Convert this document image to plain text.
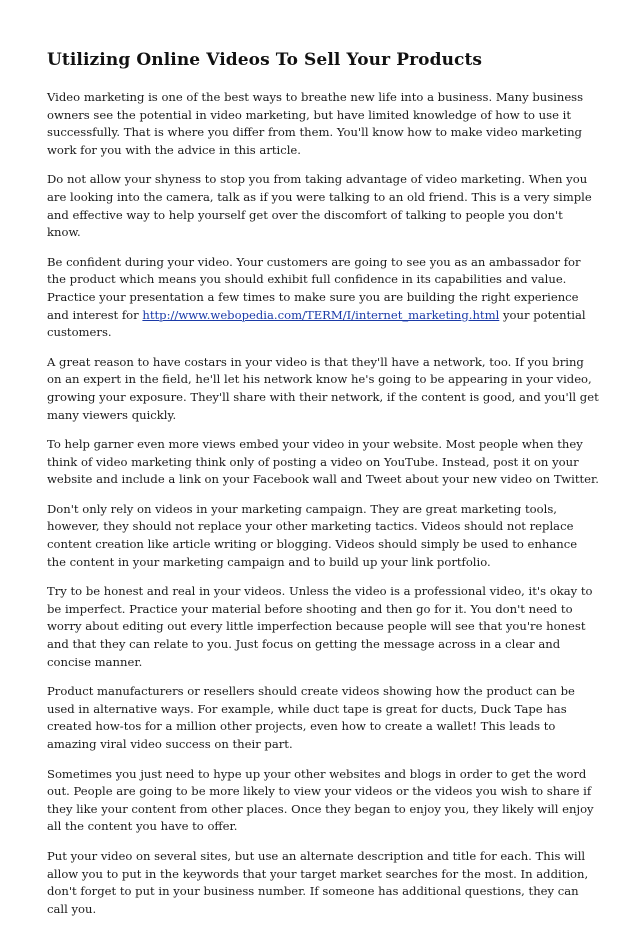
Utilizing Online Videos To Sell Your Products

Video marketing is one of the best ways to breathe new life into a business. Many business owners see the potential in video marketing, but have limited knowledge of how to use it successfully. That is where you differ from them. You'll know how to make video marketing work for you with the advice in this article.

Do not allow your shyness to stop you from taking advantage of video marketing. When you are looking into the camera, talk as if you were talking to an old friend. This is a very simple and effective way to help yourself get over the discomfort of talking to people you don't know.

Be confident during your video. Your customers are going to see you as an ambassador for the product which means you should exhibit full confidence in its capabilities and value. Practice your presentation a few times to make sure you are building the right experience and interest for http://www.webopedia.com/TERM/I/internet_marketing.html your potential customers.

A great reason to have costars in your video is that they'll have a network, too. If you bring on an expert in the field, he'll let his network know he's going to be appearing in your video, growing your exposure. They'll share with their network, if the content is good, and you'll get many viewers quickly.

To help garner even more views embed your video in your website. Most people when they think of video marketing think only of posting a video on YouTube. Instead, post it on your website and include a link on your Facebook wall and Tweet about your new video on Twitter.

Don't only rely on videos in your marketing campaign. They are great marketing tools, however, they should not replace your other marketing tactics. Videos should not replace content creation like article writing or blogging. Videos should simply be used to enhance the content in your marketing campaign and to build up your link portfolio.

Try to be honest and real in your videos. Unless the video is a professional video, it's okay to be imperfect. Practice your material before shooting and then go for it. You don't need to worry about editing out every little imperfection because people will see that you're honest and that they can relate to you. Just focus on getting the message across in a clear and concise manner.

Product manufacturers or resellers should create videos showing how the product can be used in alternative ways. For example, while duct tape is great for ducts, Duck Tape has created how-tos for a million other projects, even how to create a wallet! This leads to amazing viral video success on their part.

Sometimes you just need to hype up your other websites and blogs in order to get the word out. People are going to be more likely to view your videos or the videos you wish to share if they like your content from other places. Once they began to enjoy you, they likely will enjoy all the content you have to offer.

Put your video on several sites, but use an alternate description and title for each. This will allow you to put in the keywords that your target market searches for the most. In addition, don't forget to put in your business number. If someone has additional questions, they can call you.
